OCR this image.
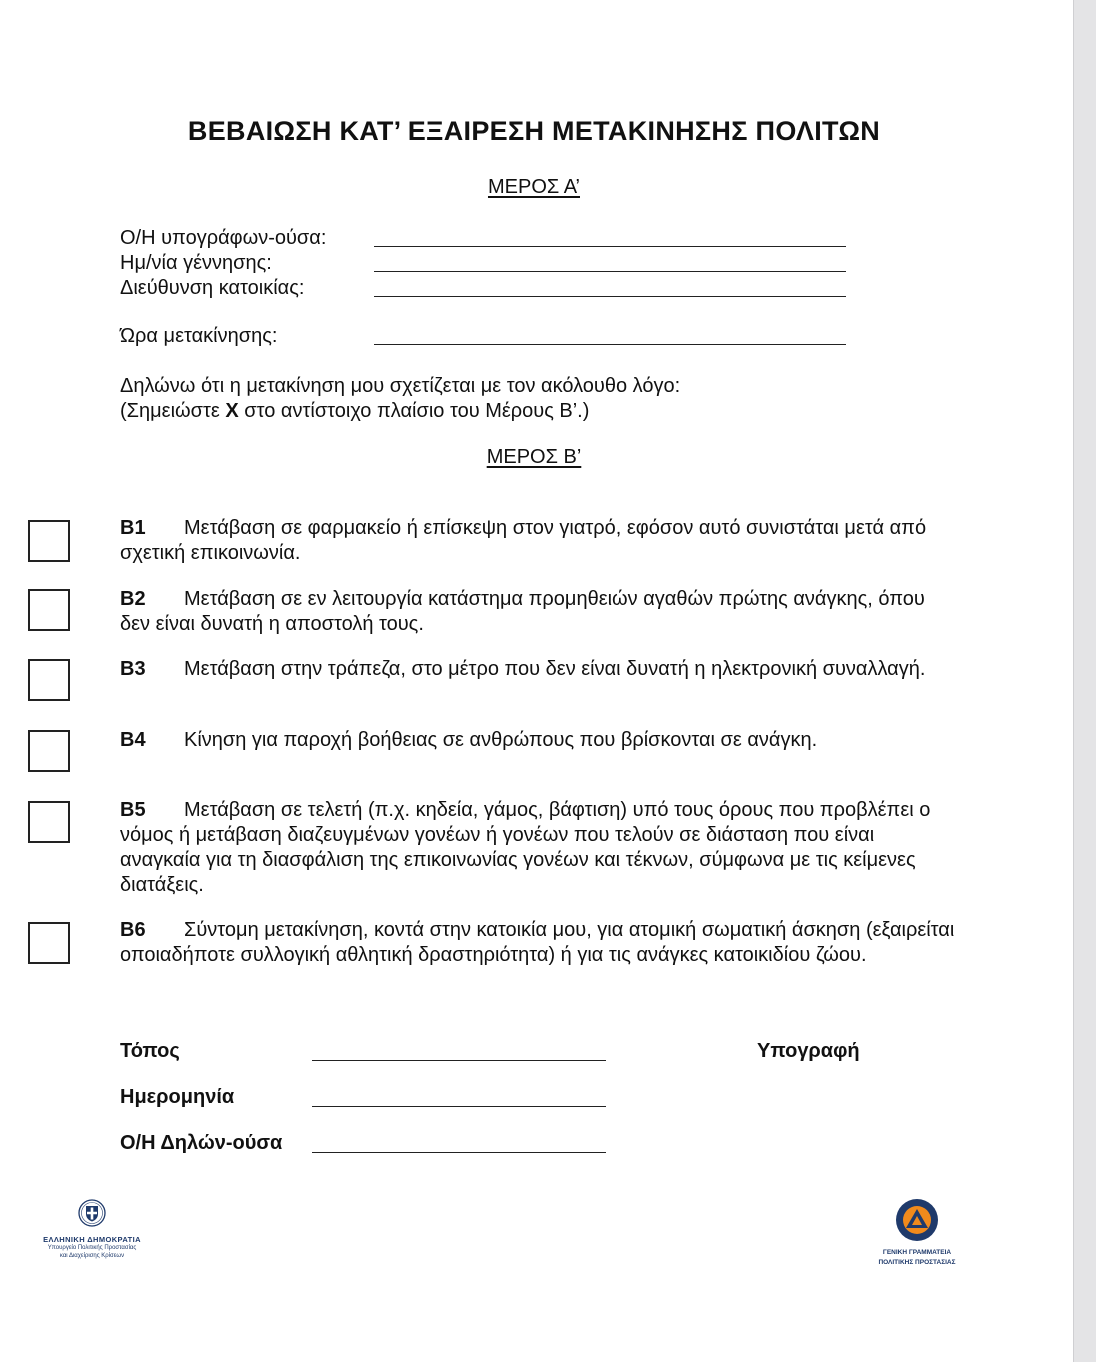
ΒΕΒΑΙΩΣΗ ΚΑΤ’ ΕΞΑΙΡΕΣΗ ΜΕΤΑΚΙΝΗΣΗΣ ΠΟΛΙΤΩΝ
ΜΕΡΟΣ Α’
Ο/Η υπογράφων-ούσα:
Ημ/νία γέννησης:
Διεύθυνση κατοικίας:
Ώρα μετακίνησης:
Δηλώνω ότι η μετακίνηση μου σχετίζεται με τον ακόλουθο λόγο:
(Σημειώστε Χ στο αντίστοιχο πλαίσιο του Μέρους Β’.)
ΜΕΡΟΣ Β’
Β1 Μετάβαση σε φαρμακείο ή επίσκεψη στον γιατρό, εφόσον αυτό συνιστάται μετά από σχετική επικοινωνία.
Β2 Μετάβαση σε εν λειτουργία κατάστημα προμηθειών αγαθών πρώτης ανάγκης, όπου δεν είναι δυνατή η αποστολή τους.
Β3 Μετάβαση στην τράπεζα, στο μέτρο που δεν είναι δυνατή η ηλεκτρονική συναλλαγή.
Β4 Κίνηση για παροχή βοήθειας σε ανθρώπους που βρίσκονται σε ανάγκη.
Β5 Μετάβαση σε τελετή (π.χ. κηδεία, γάμος, βάφτιση) υπό τους όρους που προβλέπει ο νόμος ή μετάβαση διαζευγμένων γονέων ή γονέων που τελούν σε διάσταση που είναι αναγκαία για τη διασφάλιση της επικοινωνίας γονέων και τέκνων, σύμφωνα με τις κείμενες διατάξεις.
Β6 Σύντομη μετακίνηση, κοντά στην κατοικία μου, για ατομική σωματική άσκηση (εξαιρείται οποιαδήποτε συλλογική αθλητική δραστηριότητα) ή για τις ανάγκες κατοικιδίου ζώου.
Τόπος
Ημερομηνία
Ο/Η Δηλών-ούσα
Υπογραφή
ΕΛΛΗΝΙΚΗ ΔΗΜΟΚΡΑΤΙΑ
Υπουργείο Πολιτικής Προστασίας
και Διαχείρισης Κρίσεων	ΓΕΝΙΚΗ ΓΡΑΜΜΑΤΕΙΑ
ΠΟΛΙΤΙΚΗΣ ΠΡΟΣΤΑΣΙΑΣ
